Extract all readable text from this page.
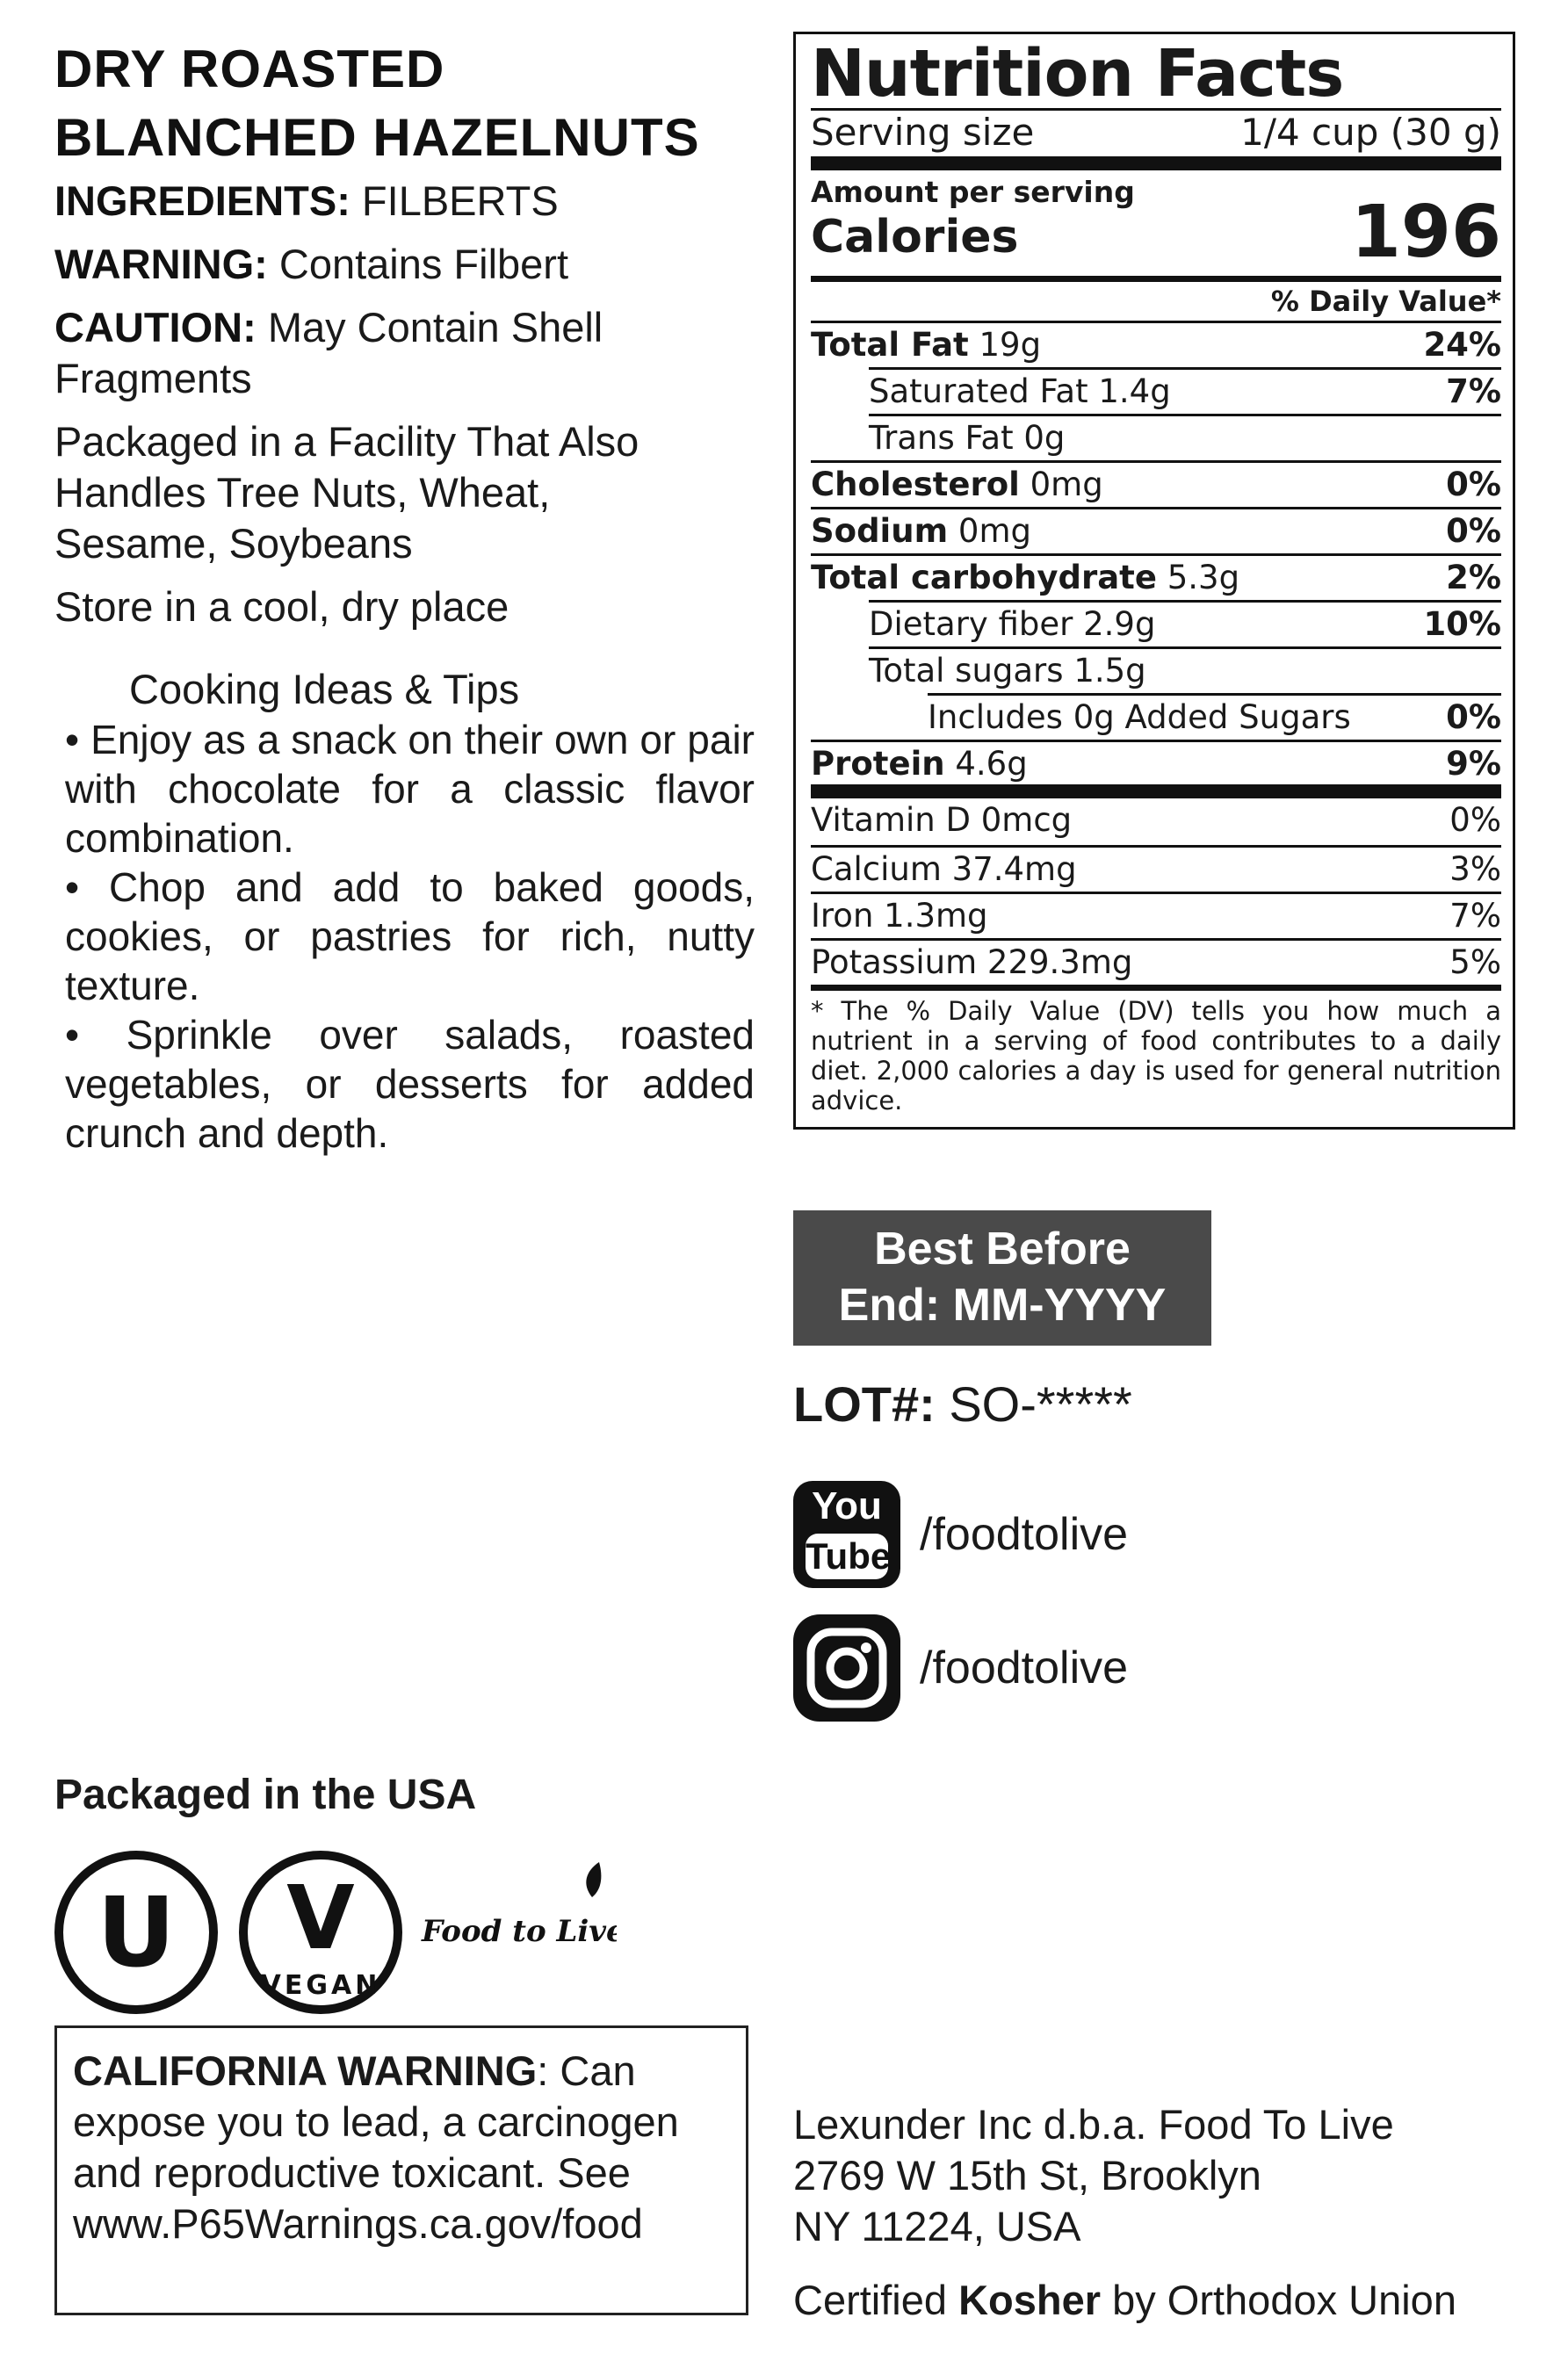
DRY ROASTED
BLANCHED HAZELNUTS
INGREDIENTS: FILBERTS
WARNING: Contains Filbert
CAUTION: May Contain Shell Fragments
Packaged in a Facility That Also Handles Tree Nuts, Wheat, Sesame, Soybeans
Store in a cool, dry place
Cooking Ideas & Tips
• Enjoy as a snack on their own or pair with chocolate for a classic flavor combination.
• Chop and add to baked goods, cookies, or pastries for rich, nutty texture.
• Sprinkle over salads, roasted vegetables, or desserts for added crunch and depth.
Nutrition Facts
Serving size	1/4 cup (30 g)
Amount per serving
Calories	196
% Daily Value*
Total Fat 19g	24%
Saturated Fat 1.4g	7%
Trans Fat 0g
Cholesterol 0mg	0%
Sodium 0mg	0%
Total carbohydrate 5.3g	2%
Dietary fiber 2.9g	10%
Total sugars 1.5g
Includes 0g Added Sugars	0%
Protein 4.6g	9%
Vitamin D 0mcg	0%
Calcium 37.4mg	3%
Iron 1.3mg	7%
Potassium 229.3mg	5%
* The % Daily Value (DV) tells you how much a nutrient in a serving of food contributes to a daily diet. 2,000 calories a day is used for general nutrition advice.
Best Before
End: MM-YYYY
LOT#: SO-*****
You
Tube /foodtolive
/foodtolive
Packaged in the USA
U V
VEGAN
Food to Live
CALIFORNIA WARNING: Can expose you to lead, a carcinogen and reproductive toxicant. See www.P65Warnings.ca.gov/food
Lexunder Inc d.b.a. Food To Live
2769 W 15th St, Brooklyn
NY 11224, USA
Certified Kosher by Orthodox Union
